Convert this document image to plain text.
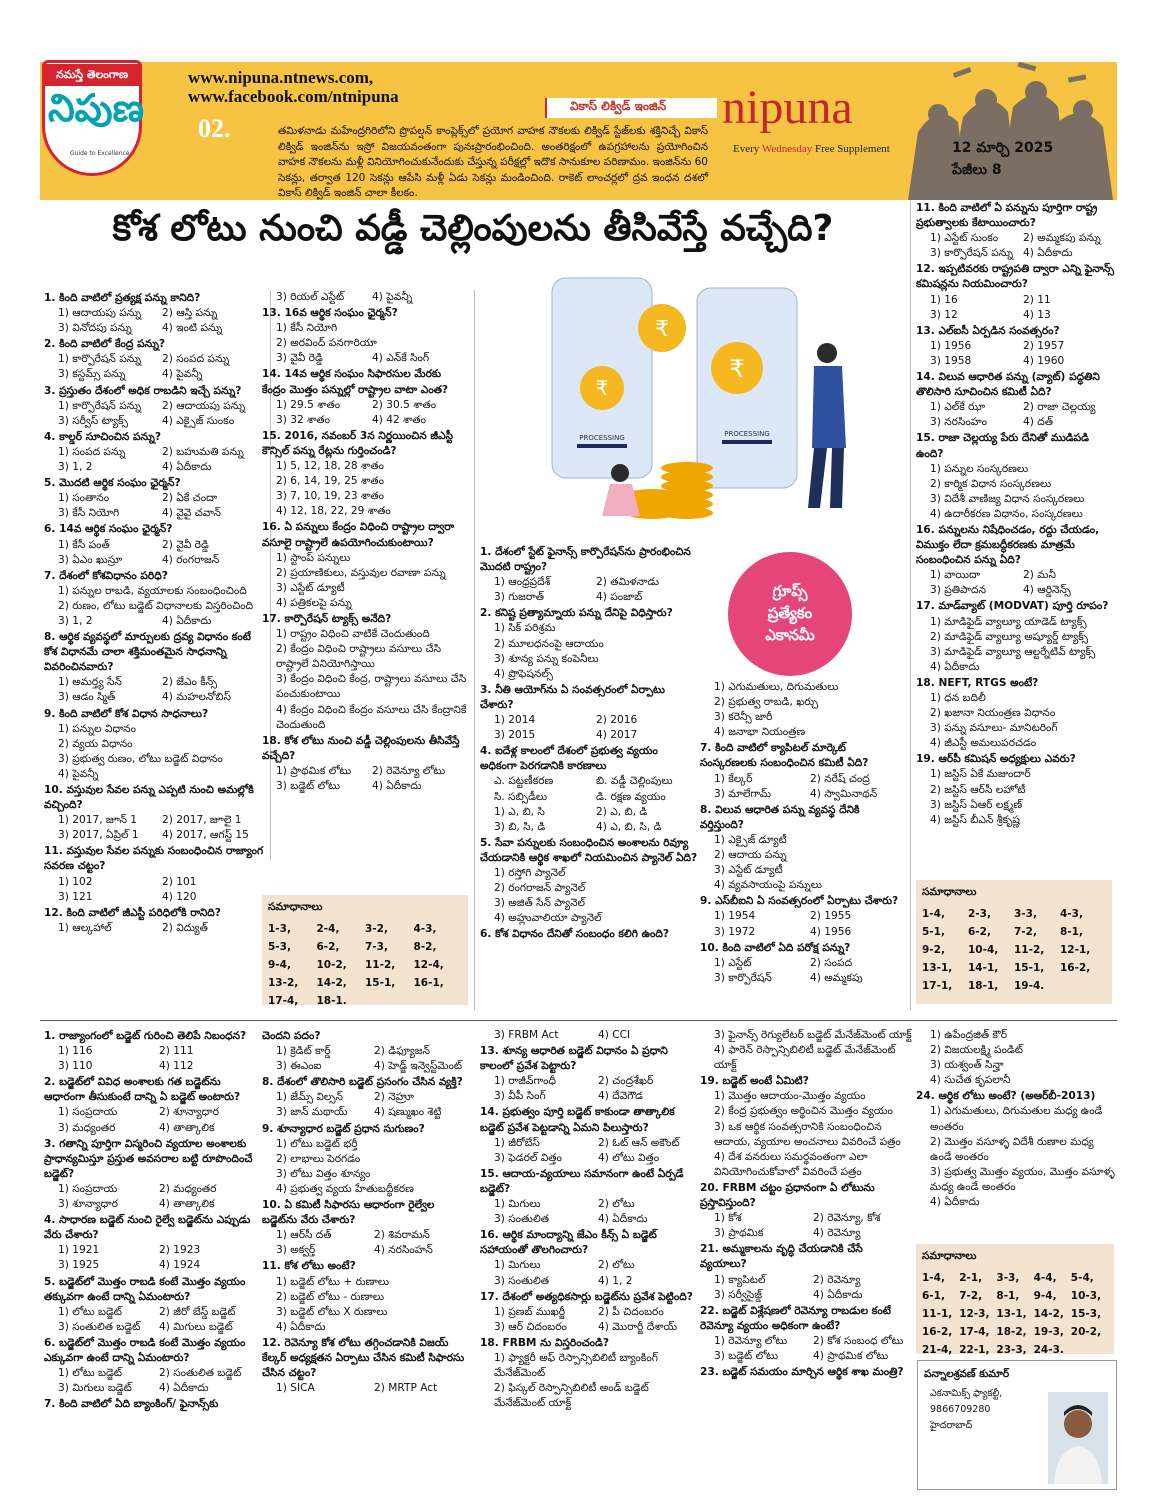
నమస్తే తెలంగాణ
నిపుణ
Guide to Excellence
www.nipuna.ntnews.com,
www.facebook.com/ntnipuna
02.
వికాస్ లిక్విడ్ ఇంజిన్
తమిళనాడు మహేంద్రగిరిలోని ప్రొపల్షన్ కాంప్లెక్స్‌లో ప్రయోగ వాహక నౌకలకు లిక్విడ్ స్టేజ్‌లకు శక్తినిచ్చే వికాస్ లిక్విడ్ ఇంజిన్‌ను ఇస్రో విజయవంతంగా పునఃప్రారంభించింది. అంతరిక్షంలో ఉపగ్రహాలను ప్రయోగించిన వాహక నౌకలను మళ్లీ వినియోగించుకునేందుకు చేస్తున్న పరీక్షల్లో ఇదొక సానుకూల పరిణామం. ఇంజిన్‌ను 60 సెకన్లు, తర్వాత 120 సెకన్లు ఆపేసి మళ్లీ ఏడు సెకన్లు మండించింది. రాకెట్ లాంచర్లలో ద్రవ ఇంధన దశలో వికాస్ లిక్విడ్ ఇంజిన్ చాలా కీలకం.
nipuna
Every Wednesday Free Supplement	12 మార్చి 2025
పేజీలు 8
కోశ లోటు నుంచి వడ్డీ చెల్లింపులను తీసివేస్తే వచ్చేది?
1. కింది వాటిలో ప్రత్యక్ష పన్ను కానిది?
1) ఆదాయపు పన్ను	2) ఆస్తి పన్ను
3) వినోదపు పన్ను	4) ఇంటి పన్ను
2. కింది వాటిలో కేంద్ర పన్ను?
1) కార్పొరేషన్ పన్ను	2) సంపద పన్ను
3) కస్టమ్స్ పన్ను	4) పైవన్నీ
3. ప్రస్తుతం దేశంలో అధిక రాబడిని ఇచ్చే పన్ను?
1) కార్పొరేషన్ పన్ను	2) ఆదాయపు పన్ను
3) సర్వీస్ ట్యాక్స్	4) ఎక్సైజ్ సుంకం
4. కాల్డర్ సూచించిన పన్ను?
1) సంపద పన్ను	2) బహుమతి పన్ను
3) 1, 2	4) ఏదీకాదు
5. మొదటి ఆర్థిక సంఘం ఛైర్మన్?
1) సంతానం	2) ఏకే చందా
3) కేసీ నియోగి	4) వైవై చవాన్
6. 14వ ఆర్థిక సంఘం ఛైర్మన్?
1) కేసీ పంత్	2) వైవీ రెడ్డి
3) ఏఎం ఖుస్రూ	4) రంగరాజన్
7. దేశంలో కోశవిధానం పరిధి?
1) పన్నుల రాబడి, వ్యయాలకు సంబంధించింది
2) రుణం, లోటు బడ్జెట్ విధానాలకు విస్తరించింది
3) 1, 2	4) ఏదీకాదు
8. ఆర్థిక వ్యవస్థలో మార్పులకు ద్రవ్య విధానం కంటే కోశ విధానమే చాలా శక్తిమంతమైన సాధనాన్ని వివరించినవారు?
1) అమర్త్య సేన్	2) జేఎం కీన్స్
3) ఆడం స్మిత్	4) మహలనోబిస్
9. కింది వాటిలో కోశ విధాన సాధనాలు?
1) పన్నుల విధానం
2) వ్యయ విధానం
3) ప్రభుత్వ రుణం, లోటు బడ్జెట్ విధానం
4) పైవన్నీ
10. వస్తువుల సేవల పన్ను ఎప్పటి నుంచి అమల్లోకి వచ్చింది?
1) 2017, జూన్ 1	2) 2017, జూలై 1
3) 2017, ఏప్రిల్ 1	4) 2017, ఆగస్ట్ 15
11. వస్తువుల సేవల పన్నుకు సంబంధించిన రాజ్యాంగ సవరణ చట్టం?
1) 102	2) 101
3) 121	4) 120
12. కింది వాటిలో జీఎస్టీ పరిధిలోకి రానిది?
1) ఆల్కహాల్	2) విద్యుత్
3) రియల్ ఎస్టేట్	4) పైవన్నీ
13. 16వ ఆర్థిక సంఘం ఛైర్మన్?
1) కేసీ నియోగి
2) అరవింద్ పనగారియా
3) వైవీ రెడ్డి	4) ఎన్‌కే సింగ్
14. 14వ ఆర్థిక సంఘం సిఫారసుల మేరకు కేంద్రం మొత్తం పన్నుల్లో రాష్ట్రాల వాటా ఎంత?
1) 29.5 శాతం	2) 30.5 శాతం
3) 32 శాతం	4) 42 శాతం
15. 2016, నవంబర్ 3న నిర్ణయించిన జీఎస్టీ కౌన్సిల్ పన్ను రేట్లను గుర్తించండి?
1) 5, 12, 18, 28 శాతం
2) 6, 14, 19, 25 శాతం
3) 7, 10, 19, 23 శాతం
4) 12, 18, 22, 29 శాతం
16. ఏ పన్నులు కేంద్రం విధించి రాష్ట్రాల ద్వారా వసూలై రాష్ట్రాలే ఉపయోగించుకుంటాయి?
1) స్టాంప్ పన్నులు
2) ప్రయాణికులు, వస్తువుల రవాణా పన్ను
3) ఎస్టేట్ డ్యూటీ
4) పత్రికలపై పన్ను
17. కార్పొరేషన్ ట్యాక్స్ అనేది?
1) రాష్ట్రం విధించి వాటికే చెందుతుంది
2) కేంద్రం విధించి రాష్ట్రాలు వసూలు చేసి రాష్ట్రాలే వినియోగిస్తాయి
3) కేంద్రం విధించి కేంద్ర, రాష్ట్రాలు వసూలు చేసి పంచుకుంటాయి
4) కేంద్రం విధించి కేంద్రం వసూలు చేసి కేంద్రానికే చెందుతుంది
18. కోశ లోటు నుంచి వడ్డీ చెల్లింపులను తీసివేస్తే వచ్చేది?
1) ప్రాథమిక లోటు	2) రెవెన్యూ లోటు
3) బడ్జెట్ లోటు	4) ఏదీకాదు
1. దేశంలో స్టేట్ ఫైనాన్స్ కార్పొరేషన్‌ను ప్రారంభించిన మొదటి రాష్ట్రం?
1) ఆంధ్రప్రదేశ్	2) తమిళనాడు
3) గుజరాత్	4) పంజాబ్
2. కనిష్ట ప్రత్యామ్నాయ పన్ను దేనిపై విధిస్తారు?
1) సిక్ పరిశ్రమ
2) మూలధనంపై ఆదాయం
3) శూన్య పన్ను కంపెనీలు
4) ప్రొఫెషనల్స్
3. నీతి ఆయోగ్‌ను ఏ సంవత్సరంలో ఏర్పాటు చేశారు?
1) 2014	2) 2016
3) 2015	4) 2017
4. ఐదేళ్ల కాలంలో దేశంలో ప్రభుత్వ వ్యయం అధికంగా పెరగడానికి కారణాలు
ఎ. పట్టణీకరణ	బి. వడ్డీ చెల్లింపులు
సి. సబ్సిడీలు	డి. రక్షణ వ్యయం
1) ఎ, బి, సి	2) ఎ, బి, డి
3) బి, సి, డి	4) ఎ, బి, సి, డి
5. సేవా పన్నులకు సంబంధించిన అంశాలను రివ్యూ చేయడానికి ఆర్థిక శాఖలో నియమించిన ప్యానెల్ ఏది?
1) రస్తోగి ప్యానెల్
2) రంగరాజన్ ప్యానెల్
3) అజిత్ సేన్ ప్యానెల్
4) అహ్లువాలియా ప్యానెల్
6. కోశ విధానం దేనితో సంబంధం కలిగి ఉంది?
1) ఎగుమతులు, దిగుమతులు
2) ప్రభుత్వ రాబడి, ఖర్చు
3) కరెన్సీ జారీ
4) జనాభా నియంత్రణ
7. కింది వాటిలో క్యాపిటల్ మార్కెట్ సంస్కరణలకు సంబంధించిన కమిటీ ఏది?
1) కేల్కర్	2) నరేష్ చంద్ర
3) మాలేగామ్	4) స్వామినాథన్
8. విలువ ఆధారిత పన్ను వ్యవస్థ దేనికి వర్తిస్తుంది?
1) ఎక్సైజ్ డ్యూటీ
2) ఆదాయ పన్ను
3) ఎస్టేట్ డ్యూటీ
4) వ్యవసాయంపై పన్నులు
9. ఎస్‌బీఐని ఏ సంవత్సరంలో ఏర్పాటు చేశారు?
1) 1954	2) 1955
3) 1972	4) 1956
10. కింది వాటిలో ఏది పరోక్ష పన్ను?
1) ఎస్టేట్	2) సంపద
3) కార్పొరేషన్	4) అమ్మకపు
11. కింది వాటిలో ఏ పన్నును పూర్తిగా రాష్ట్ర ప్రభుత్వాలకు కేటాయించారు?
1) ఎస్టేట్ సుంకం	2) అమ్మకపు పన్ను
3) కార్పొరేషన్ పన్ను 4) ఏదీకాదు
12. ఇప్పటివరకు రాష్ట్రపతి ద్వారా ఎన్ని ఫైనాన్స్ కమిషన్లను నియమించారు?
1) 16	2) 11
3) 12	4) 13
13. ఎల్‌ఐసీ ఏర్పడిన సంవత్సరం?
1) 1956	2) 1957
3) 1958	4) 1960
14. విలువ ఆధారిత పన్ను (వ్యాట్) పద్ధతిని తొలిసారి సూచించిన కమిటీ ఏది?
1) ఎల్‌కే ఝా	2) రాజా చెల్లయ్య
3) నరసింహం	4) దత్
15. రాజా చెల్లయ్య పేరు దేనితో ముడిపడి ఉంది?
1) పన్నుల సంస్కరణలు
2) కార్మిక విధాన సంస్కరణలు
3) విదేశీ వాణిజ్య విధాన సంస్కరణలు
4) ఉదారీకరణ విధానం, సంస్కరణలు
16. పన్నులను నిషేధించడం, రద్దు చేయడం, విముక్తం లేదా క్రమబద్ధీకరణకు మాత్రమే సంబంధించిన పన్ను ఏది?
1) వాయిదా	2) మనీ
3) ప్రతిపాదన	4) ఆర్డినెన్స్
17. మాడ్‌వ్యాట్ (MODVAT) పూర్తి రూపం?
1) మాడిఫైడ్ వ్యాల్యూ యాడెడ్ ట్యాక్స్
2) మాడిఫైడ్ వ్యాల్యూ అష్యూర్డ్ ట్యాక్స్
3) మాడిఫైడ్ వ్యాల్యూ ఆల్టర్నేటివ్ ట్యాక్స్
4) ఏదీకాదు
18. NEFT, RTGS అంటే?
1) ధన బదిలీ
2) ఖజానా నియంత్రణ విధానం
3) పన్ను వసూలు- మానిటరింగ్
4) జీఎస్టీ అమలుపరచడం
19. ఆర్‌పీ కమిషన్ అధ్యక్షులు ఎవరు?
1) జస్టిస్ ఏకే మజుందార్
2) జస్టిస్ ఆర్‌సీ లహోటీ
3) జస్టిస్ ఏఆర్ లక్ష్మణ్
4) జస్టిస్ బీఎన్ శ్రీకృష్ణ
సమాధానాలు
1-3,	2-4,	3-2,	4-3,
5-3,	6-2,	7-3,	8-2,
9-4,	10-2,	11-2,	12-4,
13-2,	14-2,	15-1,	16-1,
17-4,	18-1.
సమాధానాలు
1-4,	2-3,	3-3,	4-3,
5-1,	6-2,	7-2,	8-1,
9-2,	10-4,	11-2,	12-1,
13-1,	14-1,	15-1,	16-2,
17-1,	18-1,	19-4.
₹
₹
₹
PROCESSING	PROCESSING
గ్రూప్స్
ప్రత్యేకం
ఎకానమీ
1. రాజ్యాంగంలో బడ్జెట్ గురించి తెలిపే నిబంధన?
1) 116	2) 111
3) 110	4) 112
2. బడ్జెట్‌లో వివిధ అంశాలకు గత బడ్జెట్‌ను ఆధారంగా తీసుకుంటే దాన్ని ఏ బడ్జెట్ అంటారు?
1) సంప్రదాయ	2) శూన్యాధార
3) మధ్యంతర	4) తాత్కాలిక
3. గతాన్ని పూర్తిగా విస్మరించి వ్యయాల అంశాలకు ప్రాధాన్యమిస్తూ ప్రస్తుత అవసరాల బట్టి రూపొందించే బడ్జెట్?
1) సంప్రదాయ	2) మధ్యంతర
3) శూన్యాధార	4) తాత్కాలిక
4. సాధారణ బడ్జెట్ నుంచి రైల్వే బడ్జెట్‌ను ఎప్పుడు వేరు చేశారు?
1) 1921	2) 1923
3) 1925	4) 1924
5. బడ్జెట్‌లో మొత్తం రాబడి కంటే మొత్తం వ్యయం తక్కువగా ఉంటే దాన్ని ఏమంటారు?
1) లోటు బడ్జెట్	2) జీరో బేస్డ్ బడ్జెట్
3) సంతులిత బడ్జెట్	4) మిగులు బడ్జెట్
6. బడ్జెట్‌లో మొత్తం రాబడి కంటే మొత్తం వ్యయం ఎక్కువగా ఉంటే దాన్ని ఏమంటారు?
1) లోటు బడ్జెట్	2) సంతులిత బడ్జెట్
3) మిగులు బడ్జెట్	4) ఏదీకాదు
7. కింది వాటిలో ఏది బ్యాంకింగ్/ ఫైనాన్స్‌కు
చెందని పదం?
1) క్రెడిట్ కార్డ్	2) డిఫ్యూజన్
3) ఈఎంఐ	4) హెడ్జ్ ఇన్వెస్ట్‌మెంట్
8. దేశంలో తొలిసారి బడ్జెట్ ప్రసంగం చేసిన వ్యక్తి?
1) జేమ్స్ విల్సన్	2) నెహ్రూ
3) జాన్ మథాయ్	4) షణ్ముఖం శెట్టి
9. శూన్యాధార బడ్జెట్ ప్రధాన సుగుణం?
1) లోటు బడ్జెట్ భర్తీ
2) లాభాలు పెరగడం
3) లోటు విత్తం శూన్యం
4) ప్రభుత్వ వ్యయ హేతుబద్ధీకరణ
10. ఏ కమిటీ సిఫారసు ఆధారంగా రైల్వేల బడ్జెట్‌ను వేరు చేశారు?
1) ఆర్‌సీ దత్	2) శివరామన్
3) అక్వర్త్	4) నరసింహన్
11. కోశ లోటు అంటే?
1) బడ్జెట్ లోటు + రుణాలు
2) బడ్జెట్ లోటు - రుణాలు
3) బడ్జెట్ లోటు X రుణాలు
4) ఏదీకాదు
12. రెవెన్యూ కోశ లోటు తగ్గించడానికి విజయ్ కేల్కర్ అధ్యక్షతన ఏర్పాటు చేసిన కమిటీ సిఫారసు చేసిన చట్టం?
1) SICA	2) MRTP Act
3) FRBM Act	4) CCI
13. శూన్య ఆధారిత బడ్జెట్ విధానం ఏ ప్రధాని కాలంలో ప్రవేశ పెట్టారు?
1) రాజీవ్‌గాంధీ	2) చంద్రశేఖర్
3) వీపీ సింగ్	4) దేవెగౌడ
14. ప్రభుత్వం పూర్తి బడ్జెట్ కాకుండా తాత్కాలిక బడ్జెట్ ప్రవేశ పెట్టడాన్ని ఏమని పిలుస్తారు?
1) జీరోబేస్	2) ఓట్ ఆన్ అకౌంట్
3) ఫెడరల్ విత్తం	4) లోటు విత్తం
15. ఆదాయ-వ్యయాలు సమానంగా ఉంటే ఏర్పడే బడ్జెట్?
1) మిగులు	2) లోటు
3) సంతులిత	4) ఏదీకాదు
16. ఆర్థిక మాంద్యాన్ని జేఎం కీన్స్ ఏ బడ్జెట్ సహాయంతో తొలగించారు?
1) మిగులు	2) లోటు
3) సంతులిత	4) 1, 2
17. దేశంలో అత్యధికసార్లు బడ్జెట్‌ను ప్రవేశ పెట్టింది?
1) ప్రణబ్ ముఖర్జీ	2) పీ చిదంబరం
3) ఆర్ చిదంబరం	4) మొరార్జీ దేశాయ్
18. FRBM ను విస్తరించండి?
1) ఫ్యాక్టరీ అఫ్ రెస్పాన్సిబిలిటీ బ్యాంకింగ్ మేనేజ్‌మెంట్
2) ఫిస్కల్ రెస్పాన్సిబిలిటీ అండ్ బడ్జెట్ మేనేజ్‌మెంట్ యాక్ట్
3) ఫైనాన్స్ రెగ్యులేటర్ బడ్జెట్ మేనేజ్‌మెంట్ యాక్ట్
4) ఫారెన్ రెస్పాన్సిబిలిటీ బడ్జెట్ మేనేజ్‌మెంట్ యాక్ట్
19. బడ్జెట్ అంటే ఏమిటి?
1) మొత్తం ఆదాయం-మొత్తం వ్యయం
2) కేంద్ర ప్రభుత్వం అర్థించిన మొత్తం వ్యయం
3) ఒక ఆర్థిక సంవత్సరానికి సంబంధించిన ఆదాయ, వ్యయాల అంచనాలు వివరించే పత్రం
4) దేశ వనరులు సమర్థవంతంగా ఎలా వినియోగించుకోవాలో వివరించే పత్రం
20. FRBM చట్టం ప్రధానంగా ఏ లోటును ప్రస్తావిస్తుంది?
1) కోశ	2) రెవెన్యూ, కోశ
3) ప్రాథమిక	4) రెవెన్యూ
21. అమ్మకాలను వృద్ధి చేయడానికి చేసే వ్యయాలు?
1) క్యాపిటల్	2) రెవెన్యూ
3) సర్వీసైజ్డ్	4) ఏదీకాదు
22. బడ్జెట్ విశ్లేషణలో రెవెన్యూ రాబడుల కంటే రెవెన్యూ వ్యయం అధికంగా ఉంటే?
1) రెవెన్యూ లోటు	2) కోశ సంబంధ లోటు
3) బడ్జెట్ లోటు	4) ప్రాథమిక లోటు
23. బడ్జెట్ సమయం మార్చిన ఆర్థిక శాఖ మంత్రి?
1) ఉపేంద్రజిత్ కౌర్
2) విజయలక్ష్మి పండిట్
3) యశ్వంత్ సిన్హా
4) సుచేత కృపలానీ
24. ఆర్థిక లోటు అంటే? (అఆర్‌బీ-2013)
1) ఎగుమతులు, దిగుమతుల మధ్య ఉండే అంతరం
2) మొత్తం వసూళ్ళ విదేశీ రుణాల మధ్య ఉండే అంతరం
3) ప్రభుత్వ మొత్తం వ్యయం, మొత్తం వసూళ్ళ మధ్య ఉండే అంతరం
4) ఏదీకాదు
సమాధానాలు
1-4,	2-1,	3-3,	4-4,	5-4,
6-1,	7-2,	8-1,	9-4,	10-3,
11-1, 12-3, 13-1, 14-2, 15-3,
16-2, 17-4, 18-2, 19-3, 20-2,
21-4, 22-1, 23-3, 24-3.
పన్నాలశ్రవణ్ కుమార్
ఎకనామిక్స్ ఫ్యాకల్టీ,
9866709280
హైదరాబాద్
